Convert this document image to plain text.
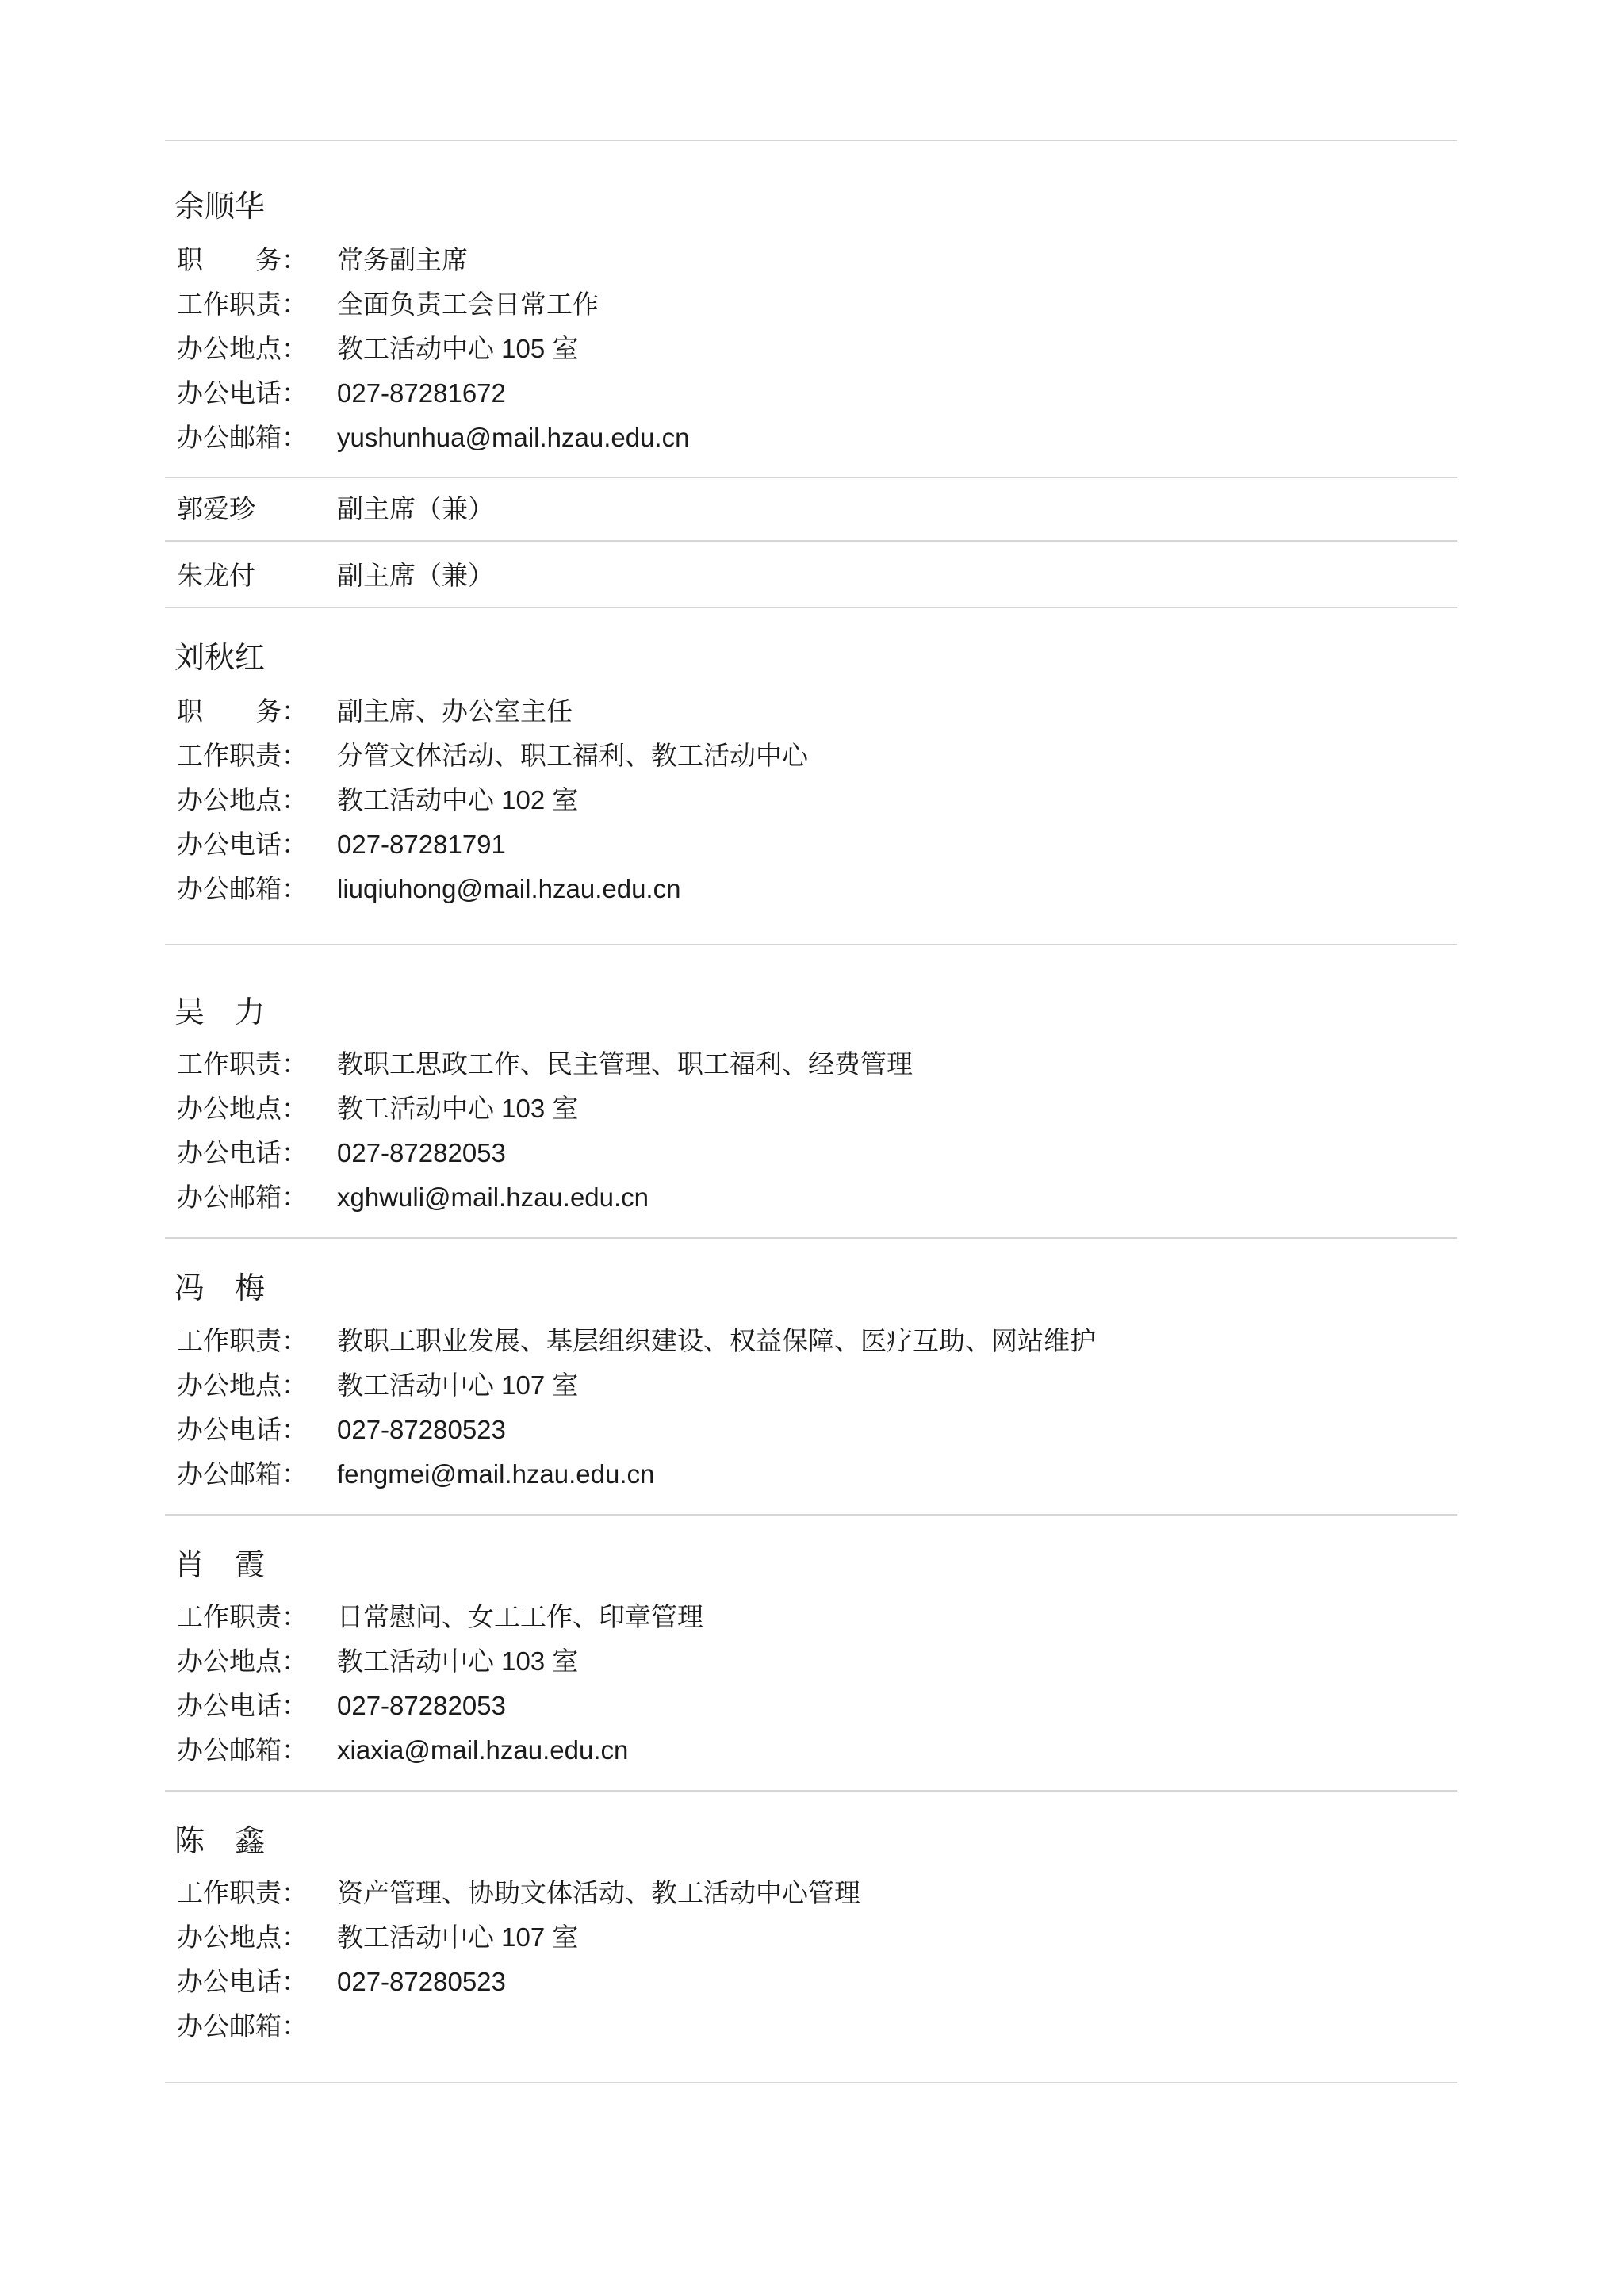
余顺华
职　　务：	常务副主席
工作职责：	全面负责工会日常工作
办公地点：	教工活动中心 105 室
办公电话：	027-87281672
办公邮箱：	yushunhua@mail.hzau.edu.cn
郭爱珍	副主席（兼）
朱龙付	副主席（兼）
刘秋红
职　　务：	副主席、办公室主任
工作职责：	分管文体活动、职工福利、教工活动中心
办公地点：	教工活动中心 102 室
办公电话：	027-87281791
办公邮箱：	liuqiuhong@mail.hzau.edu.cn
吴　力
工作职责：	教职工思政工作、民主管理、职工福利、经费管理
办公地点：	教工活动中心 103 室
办公电话：	027-87282053
办公邮箱：	xghwuli@mail.hzau.edu.cn
冯　梅
工作职责：	教职工职业发展、基层组织建设、权益保障、医疗互助、网站维护
办公地点：	教工活动中心 107 室
办公电话：	027-87280523
办公邮箱：	fengmei@mail.hzau.edu.cn
肖　霞
工作职责：	日常慰问、女工工作、印章管理
办公地点：	教工活动中心 103 室
办公电话：	027-87282053
办公邮箱：	xiaxia@mail.hzau.edu.cn
陈　鑫
工作职责：	资产管理、协助文体活动、教工活动中心管理
办公地点：	教工活动中心 107 室
办公电话：	027-87280523
办公邮箱：
